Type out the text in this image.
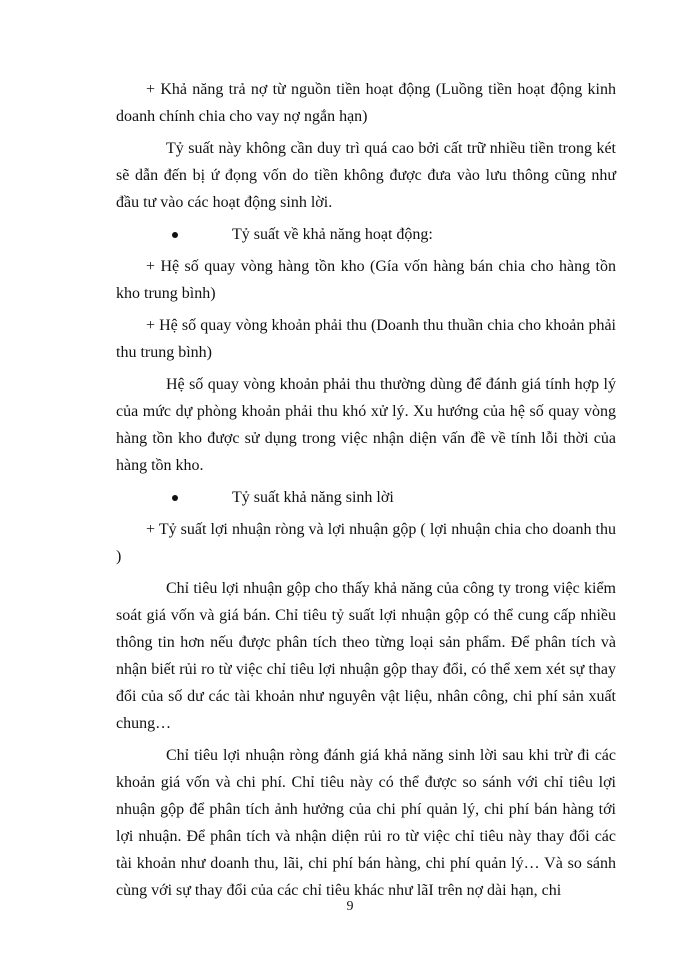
+ Khả năng trả nợ từ nguồn tiền hoạt động (Luồng tiền hoạt động kinh doanh chính chia cho vay nợ ngắn hạn)

Tỷ suất này không cần duy trì quá cao bởi cất trữ nhiều tiền trong két sẽ dẫn đến bị ứ đọng vốn do tiền không được đưa vào lưu thông cũng như đầu tư vào các hoạt động sinh lời.

Tỷ suất về khả năng hoạt động:

+ Hệ số quay vòng hàng tồn kho (Gía vốn hàng bán chia cho hàng tồn kho trung bình)

+ Hệ số quay vòng khoản phải thu (Doanh thu thuần chia cho khoản phải thu trung bình)

Hệ số quay vòng khoản phải thu thường dùng để đánh giá tính hợp lý của mức dự phòng khoản phải thu khó xử lý. Xu hướng của hệ số quay vòng hàng tồn kho được sử dụng trong việc nhận diện vấn đề về tính lỗi thời của hàng tồn kho.

Tỷ suất khả năng sinh lời

+ Tỷ suất lợi nhuận ròng và lợi nhuận gộp ( lợi nhuận chia cho doanh thu )

Chỉ tiêu lợi nhuận gộp cho thấy khả năng của công ty trong việc kiểm soát giá vốn và giá bán. Chỉ tiêu tỷ suất lợi nhuận gộp có thể cung cấp nhiều thông tin hơn nếu được phân tích theo từng loại sản phẩm. Để phân tích và nhận biết rủi ro từ việc chỉ tiêu lợi nhuận gộp thay đổi, có thể xem xét sự thay đổi của số dư các tài khoản như nguyên vật liệu, nhân công, chi phí sản xuất chung…

Chỉ tiêu lợi nhuận ròng đánh giá khả năng sinh lời sau khi trừ đi các khoản giá vốn và chi phí. Chỉ tiêu này có thể được so sánh với chỉ tiêu lợi nhuận gộp để phân tích ảnh hưởng của chi phí quản lý, chi phí bán hàng tới lợi nhuận. Để phân tích và nhận diện rủi ro từ việc chỉ tiêu này thay đổi các tài khoản như doanh thu, lãi, chi phí bán hàng, chi phí quản lý… Và so sánh cùng với sự thay đổi của các chỉ tiêu khác như lãI trên nợ dài hạn, chi

9
